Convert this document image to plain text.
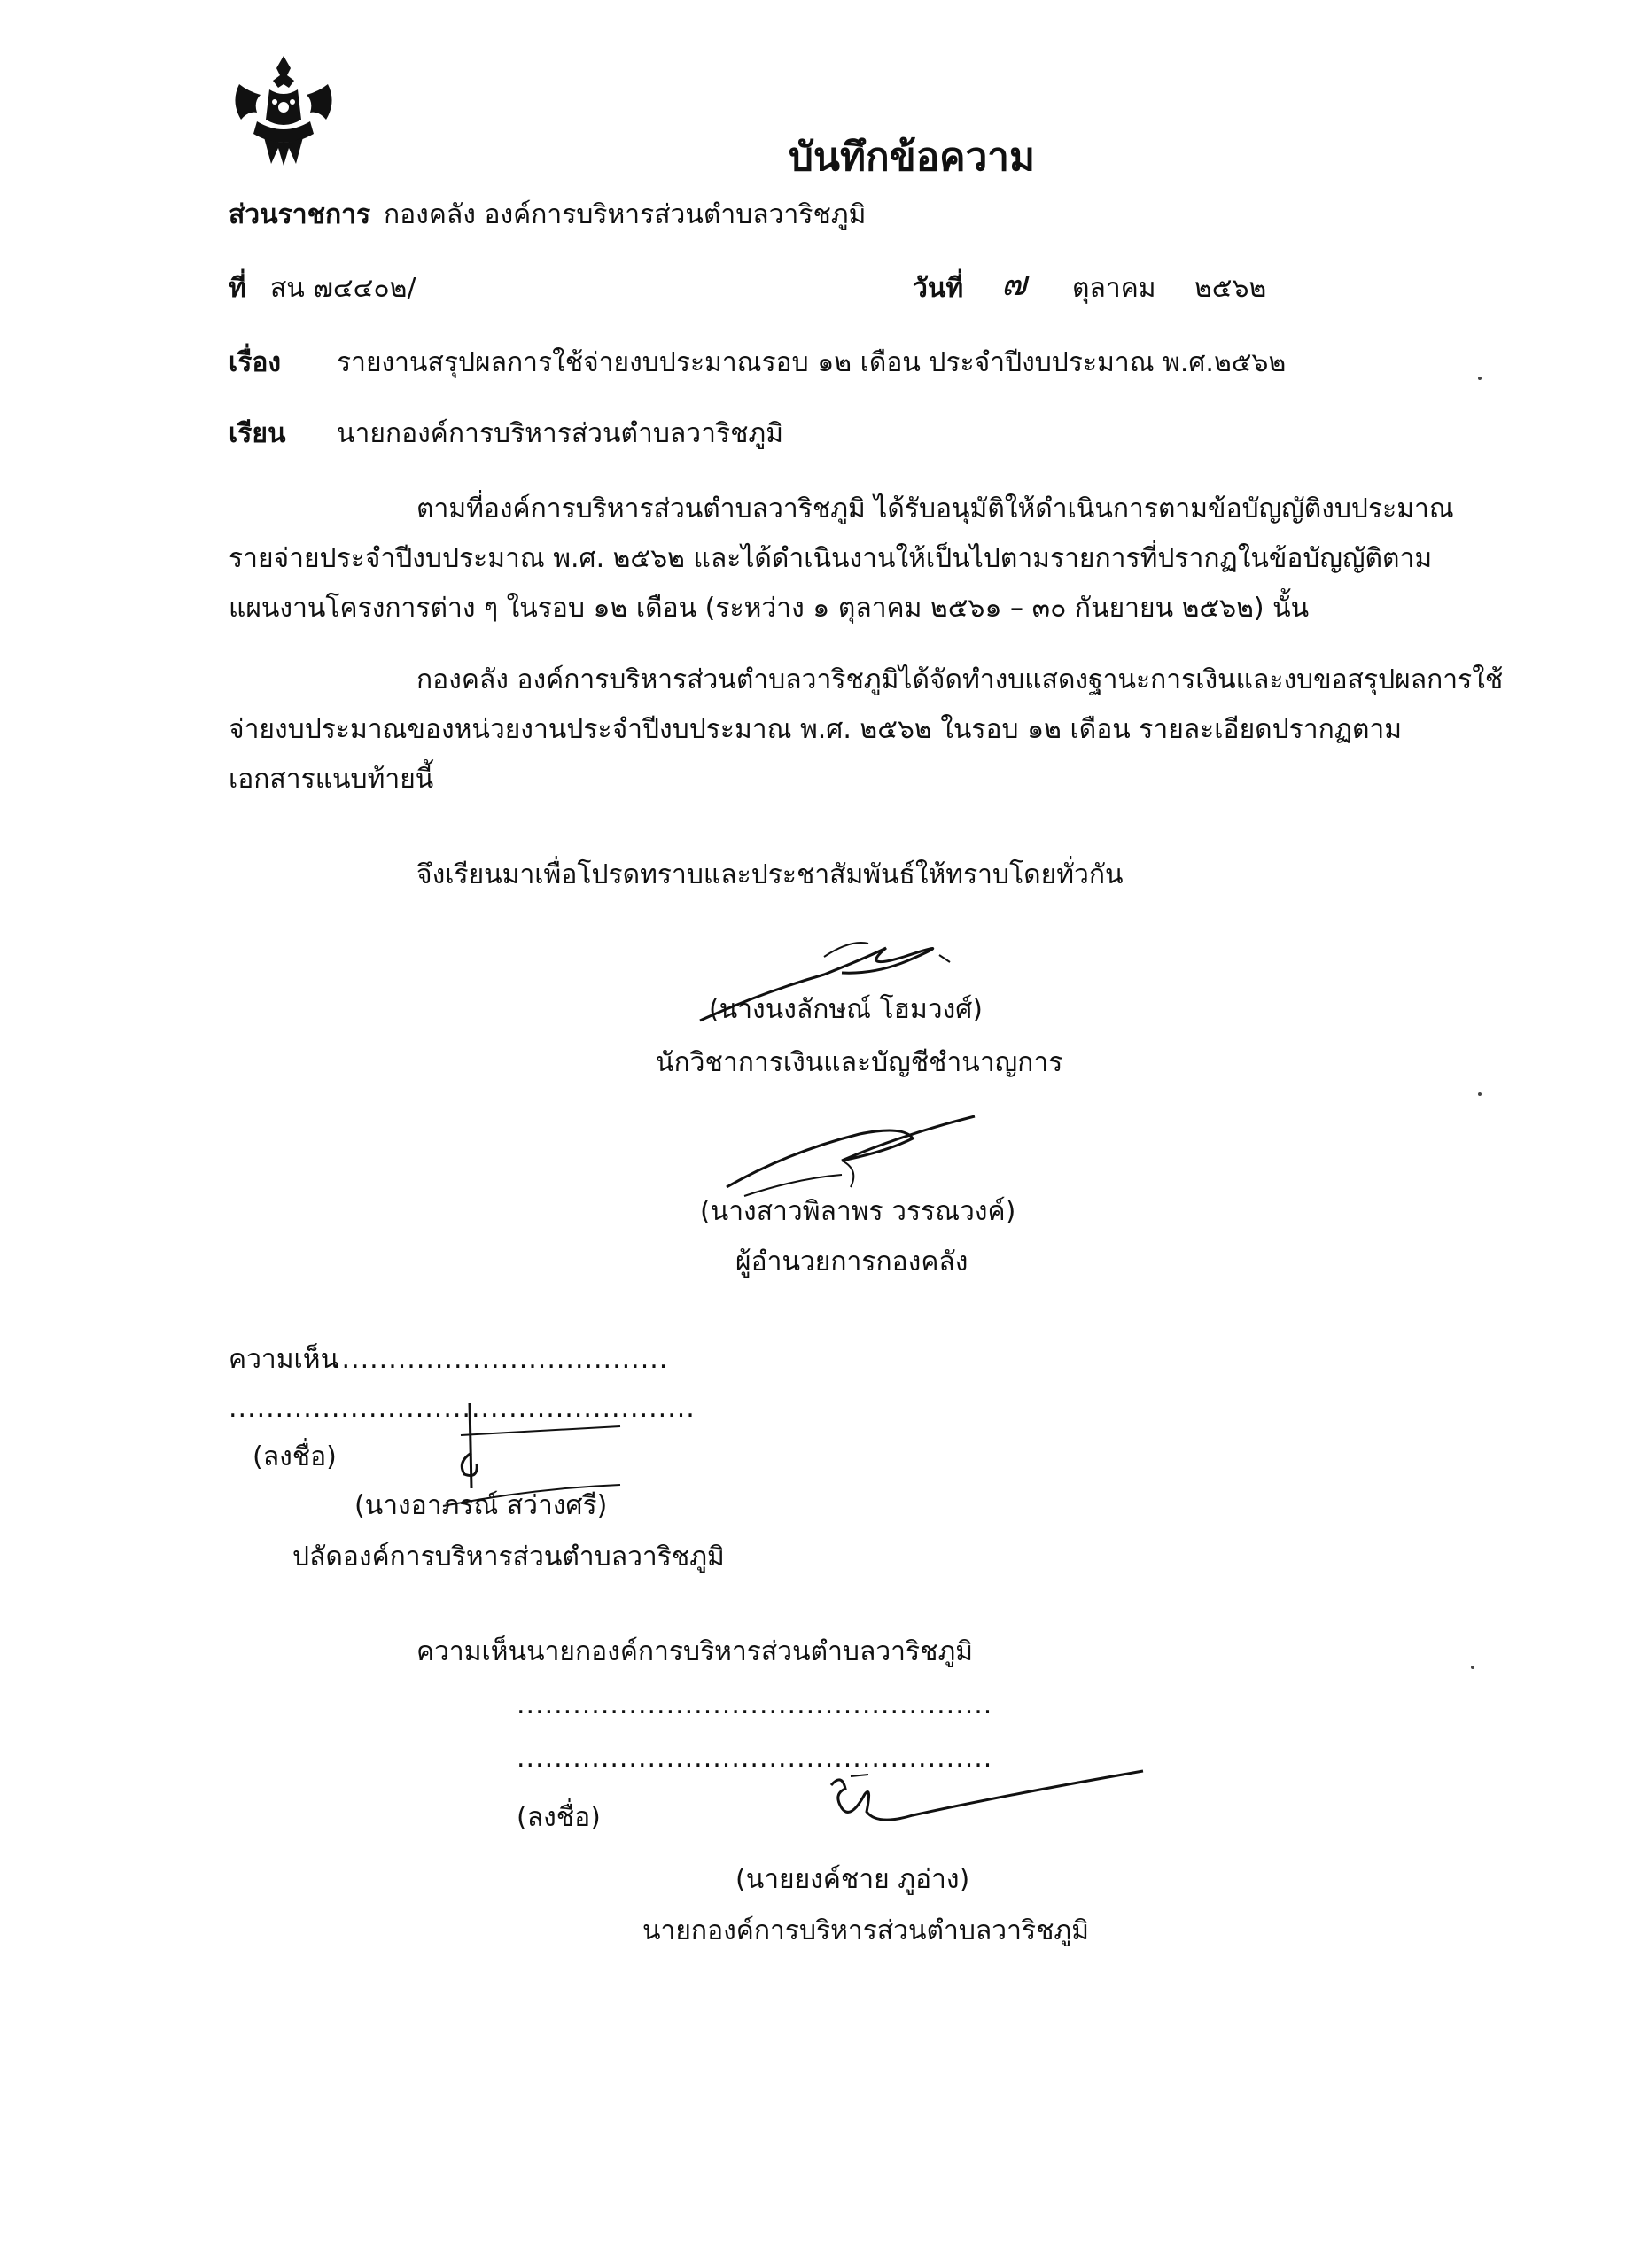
บันทึกข้อความ
ส่วนราชการ กองคลัง องค์การบริหารส่วนตำบลวาริชภูมิ
ที่ สน ๗๔๔๐๒/	วันที่ ๗ ตุลาคม ๒๕๖๒
เรื่อง รายงานสรุปผลการใช้จ่ายงบประมาณรอบ ๑๒ เดือน ประจำปีงบประมาณ พ.ศ.๒๕๖๒
เรียน นายกองค์การบริหารส่วนตำบลวาริชภูมิ
ตามที่องค์การบริหารส่วนตำบลวาริชภูมิ ได้รับอนุมัติให้ดำเนินการตามข้อบัญญัติงบประมาณ
รายจ่ายประจำปีงบประมาณ พ.ศ. ๒๕๖๒ และได้ดำเนินงานให้เป็นไปตามรายการที่ปรากฏในข้อบัญญัติตาม
แผนงานโครงการต่าง ๆ ในรอบ ๑๒ เดือน (ระหว่าง ๑ ตุลาคม ๒๕๖๑ – ๓๐ กันยายน ๒๕๖๒) นั้น
กองคลัง องค์การบริหารส่วนตำบลวาริชภูมิได้จัดทำงบแสดงฐานะการเงินและงบขอสรุปผลการใช้
จ่ายงบประมาณของหน่วยงานประจำปีงบประมาณ พ.ศ. ๒๕๖๒ ในรอบ ๑๒ เดือน รายละเอียดปรากฏตาม
เอกสารแนบท้ายนี้
จึงเรียนมาเพื่อโปรดทราบและประชาสัมพันธ์ให้ทราบโดยทั่วกัน
(นางนงลักษณ์ โฮมวงศ์)
นักวิชาการเงินและบัญชีชำนาญการ
(นางสาวพิลาพร วรรณวงค์)
ผู้อำนวยการกองคลัง
ความเห็น
....................................
..................................................
(ลงชื่อ)
(นางอาภรณ์ สว่างศรี)
ปลัดองค์การบริหารส่วนตำบลวาริชภูมิ
ความเห็นนายกองค์การบริหารส่วนตำบลวาริชภูมิ
...................................................
...................................................
(ลงชื่อ)
(นายยงค์ชาย ภูอ่าง)
นายกองค์การบริหารส่วนตำบลวาริชภูมิ
